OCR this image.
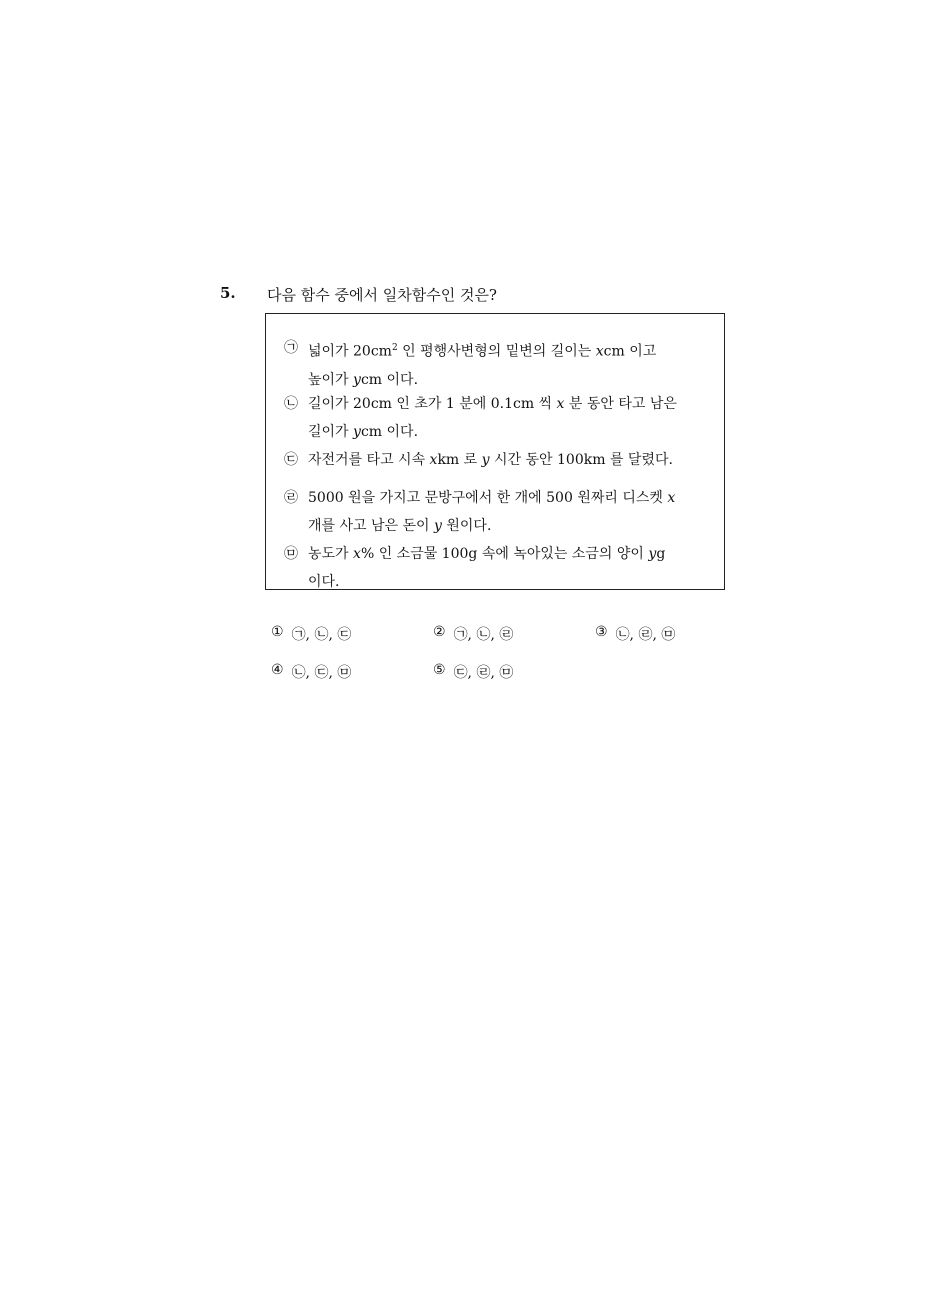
5. 다음 함수 중에서 일차함수인 것은?
㉠ 넓이가 $20cm^2$ 인 평행사변형의 밑변의 길이는 xcm 이고
높이가 ycm 이다.
㉡ 길이가 20cm 인 초가 1 분에 0.1cm 씩 x 분 동안 타고 남은
길이가 ycm 이다.
㉢ 자전거를 타고 시속 xkm 로 y 시간 동안 100km 를 달렸다.
㉣ 5000 원을 가지고 문방구에서 한 개에 500 원짜리 디스켓 x
개를 사고 남은 돈이 y 원이다.
㉤ 농도가 x% 인 소금물 100g 속에 녹아있는 소금의 양이 yg
이다.
① ㉠, ㉡, ㉢	② ㉠, ㉡, ㉣	③ ㉡, ㉣, ㉤
④ ㉡, ㉢, ㉤	⑤ ㉢, ㉣, ㉤
